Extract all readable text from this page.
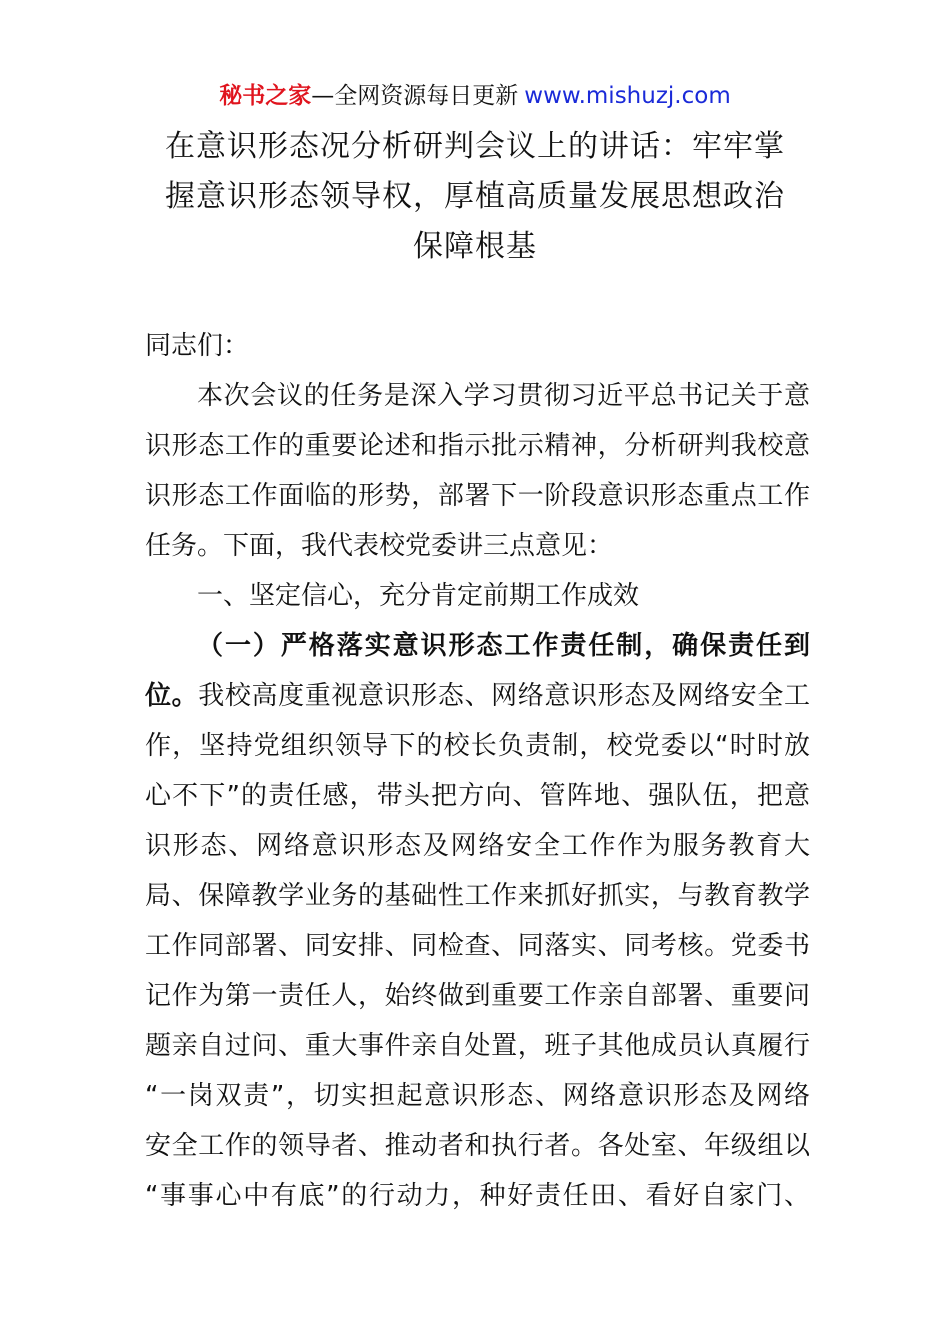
秘书之家—全网资源每日更新 www.mishuzj.com
在意识形态况分析研判会议上的讲话：牢牢掌
握意识形态领导权，厚植高质量发展思想政治
保障根基
同志们：
本次会议的任务是深入学习贯彻习近平总书记关于意
识形态工作的重要论述和指示批示精神，分析研判我校意
识形态工作面临的形势，部署下一阶段意识形态重点工作
任务。下面，我代表校党委讲三点意见：
一、坚定信心，充分肯定前期工作成效
（一）严格落实意识形态工作责任制，确保责任到
位。我校高度重视意识形态、网络意识形态及网络安全工
作，坚持党组织领导下的校长负责制，校党委以“时时放
心不下”的责任感，带头把方向、管阵地、强队伍，把意
识形态、网络意识形态及网络安全工作作为服务教育大
局、保障教学业务的基础性工作来抓好抓实，与教育教学
工作同部署、同安排、同检查、同落实、同考核。党委书
记作为第一责任人，始终做到重要工作亲自部署、重要问
题亲自过问、重大事件亲自处置，班子其他成员认真履行
“一岗双责”，切实担起意识形态、网络意识形态及网络
安全工作的领导者、推动者和执行者。各处室、年级组以
“事事心中有底”的行动力，种好责任田、看好自家门、
